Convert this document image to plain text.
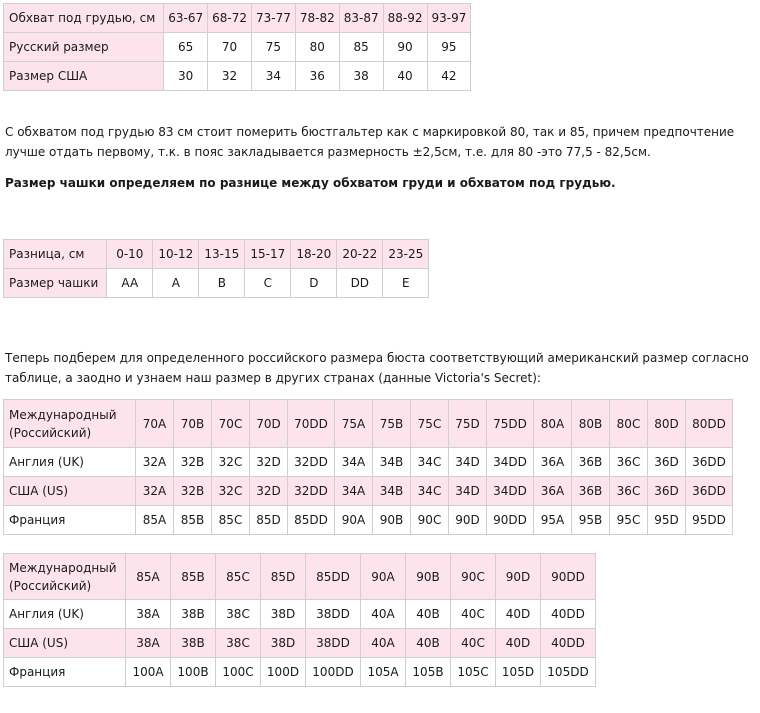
Обхват под грудью, см	63-67	68-72	73-77	78-82	83-87	88-92	93-97
Русский размер	65	70	75	80	85	90	95
Размер США	30	32	34	36	38	40	42

С обхватом под грудью 83 см стоит померить бюстгальтер как с маркировкой 80, так и 85, причем предпочтение лучше отдать первому, т.к. в пояс закладывается размерность ±2,5см, т.е. для 80 -это 77,5 - 82,5см.

Размер чашки определяем по разнице между обхватом груди и обхватом под грудью.

Разница, см	0-10	10-12	13-15	15-17	18-20	20-22	23-25
Размер чашки	AA	A	B	C	D	DD	E

Теперь подберем для определенного российского размера бюста соответствующий американский размер согласно таблице, а заодно и узнаем наш размер в других странах (данные Victoria's Secret):

Международный (Российский)	70A	70B	70C	70D	70DD	75A	75B	75C	75D	75DD	80A	80B	80C	80D	80DD
Англия (UK)	32A	32B	32C	32D	32DD	34A	34B	34C	34D	34DD	36A	36B	36C	36D	36DD
США (US)	32A	32B	32C	32D	32DD	34A	34B	34C	34D	34DD	36A	36B	36C	36D	36DD
Франция	85A	85B	85C	85D	85DD	90A	90B	90C	90D	90DD	95A	95B	95C	95D	95DD
Международный (Российский)	85A	85B	85C	85D	85DD	90A	90B	90C	90D	90DD
Англия (UK)	38A	38B	38C	38D	38DD	40A	40B	40C	40D	40DD
США (US)	38A	38B	38C	38D	38DD	40A	40B	40C	40D	40DD
Франция	100A	100B	100C	100D	100DD	105A	105B	105C	105D	105DD
